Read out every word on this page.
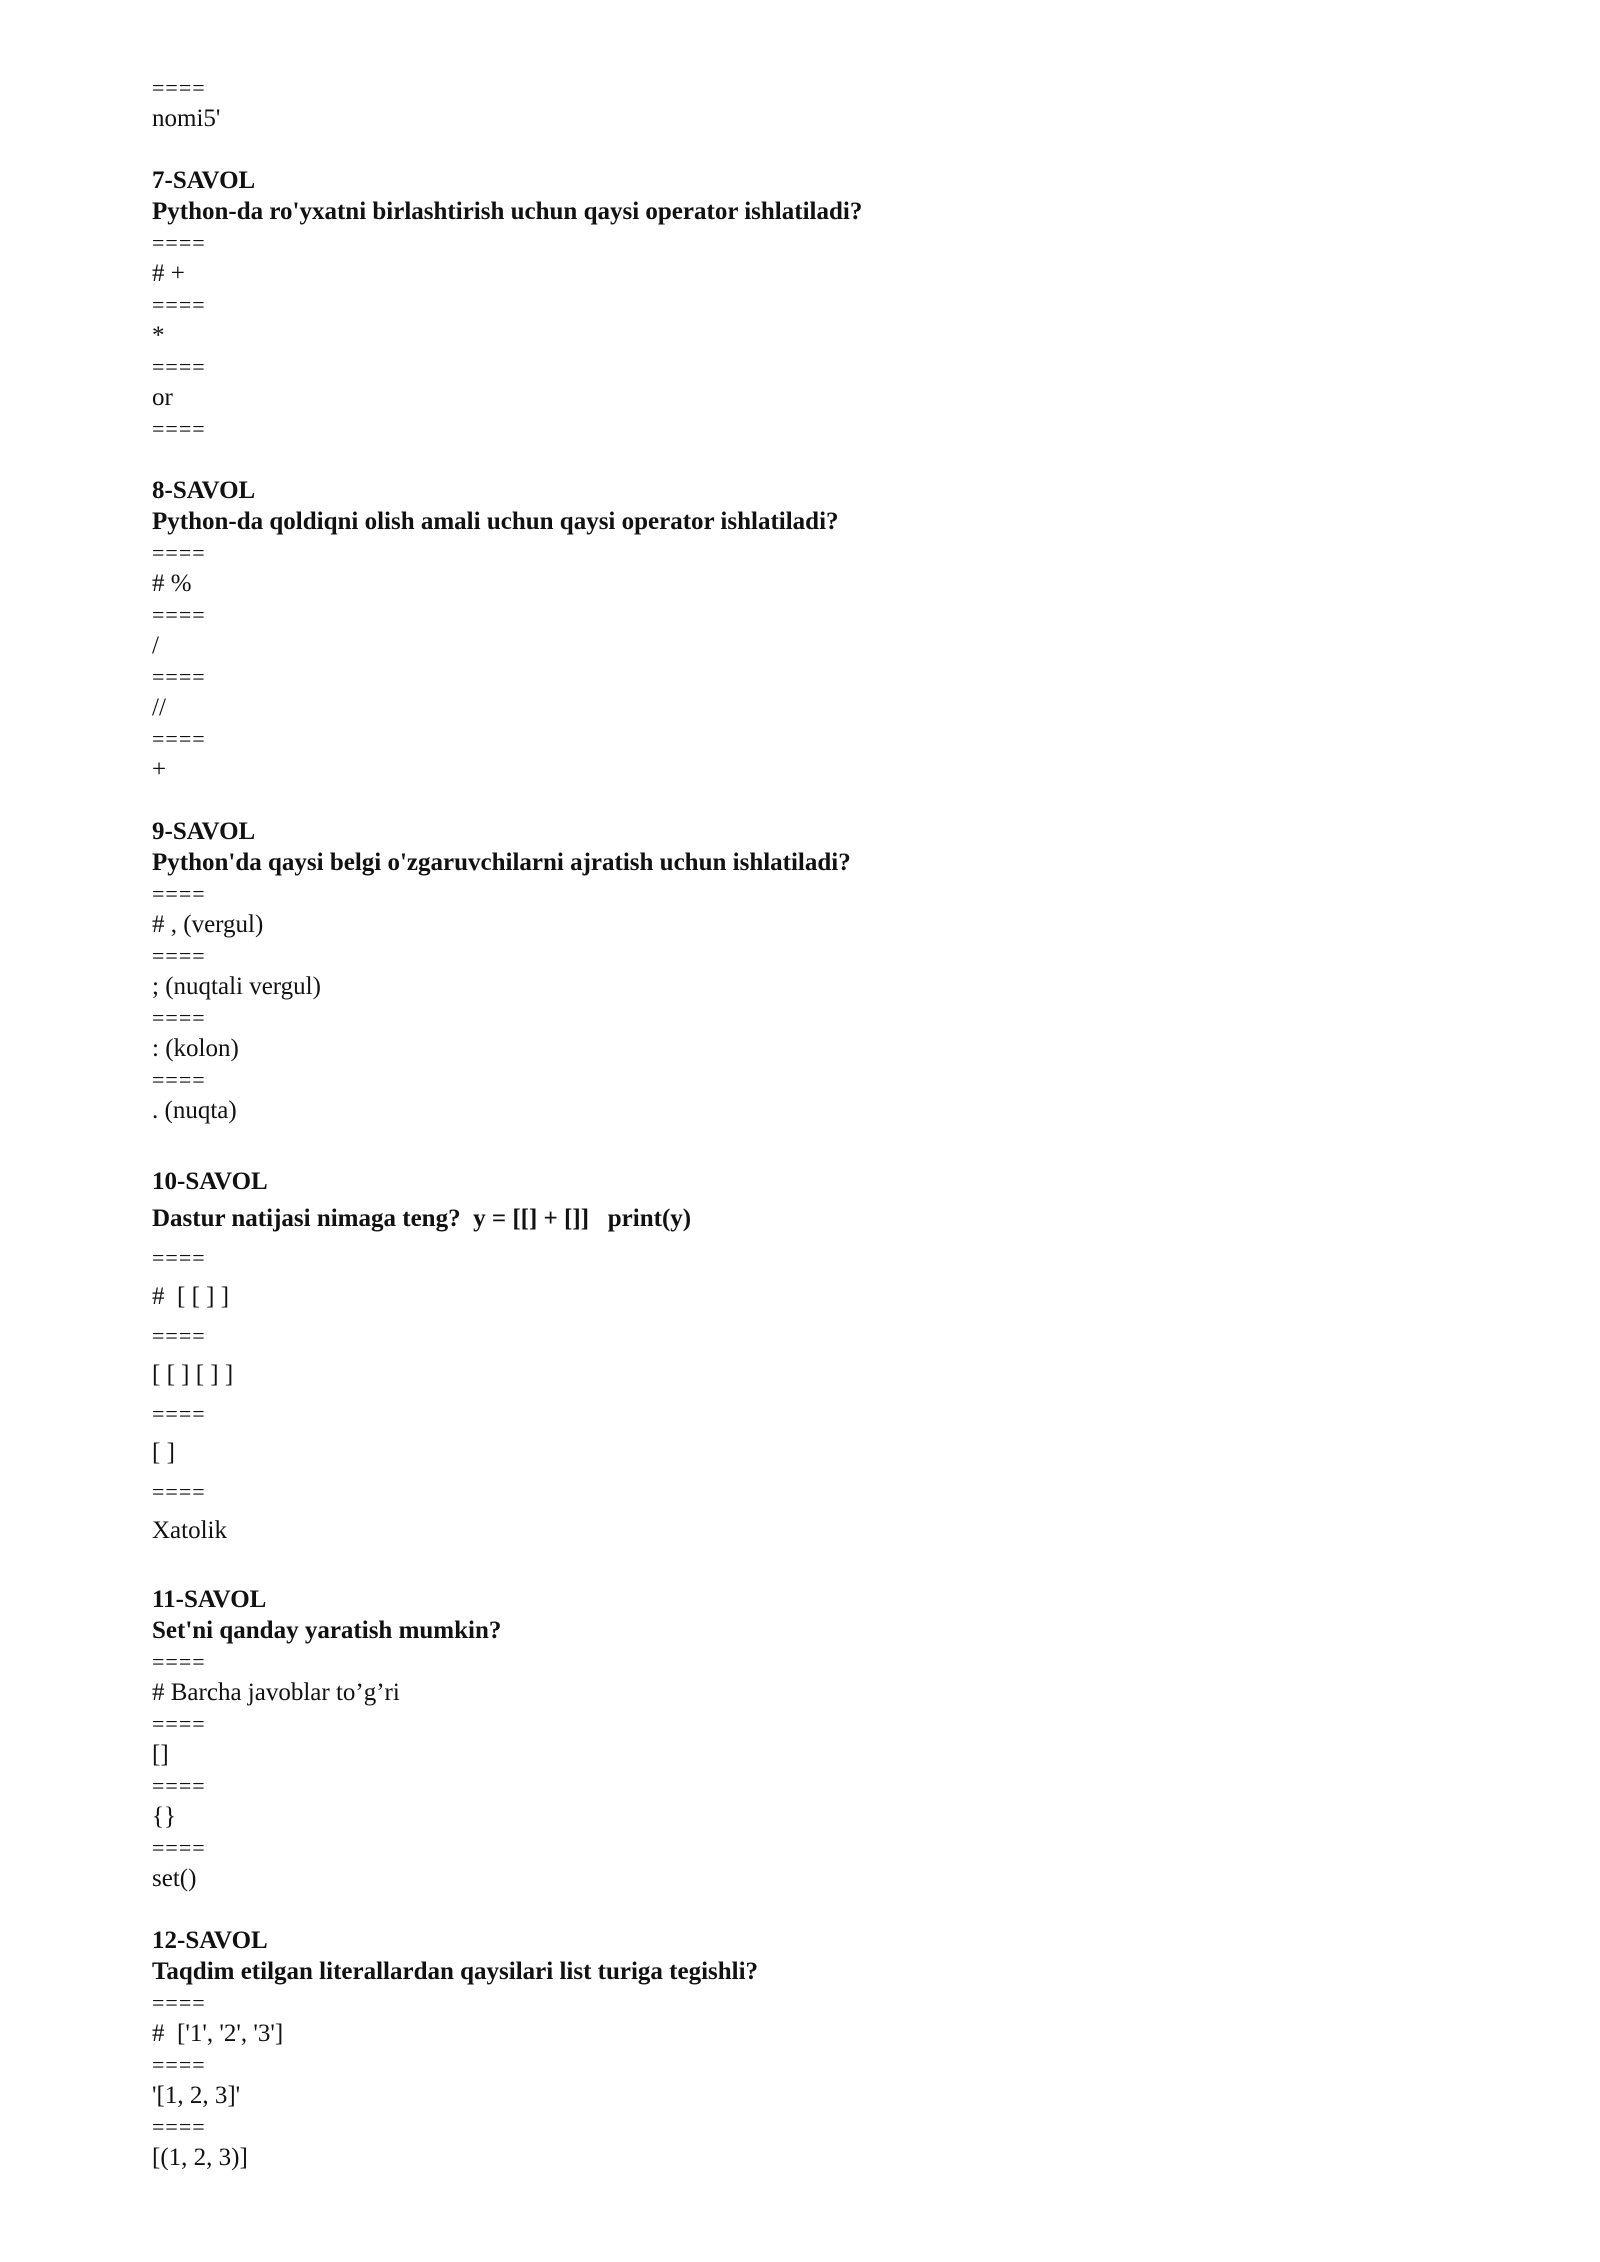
====
nomi5'
7-SAVOL
Python-da ro'yxatni birlashtirish uchun qaysi operator ishlatiladi?
====
# +
====
*
====
or
====
8-SAVOL
Python-da qoldiqni olish amali uchun qaysi operator ishlatiladi?
====
# %
====
/
====
//
====
+
9-SAVOL
Python'da qaysi belgi o'zgaruvchilarni ajratish uchun ishlatiladi?
====
# , (vergul)
====
; (nuqtali vergul)
====
: (kolon)
====
. (nuqta)
10-SAVOL
Dastur natijasi nimaga teng?  y = [[] + []]   print(y)
====
#  [ [ ] ]
====
[ [ ] [ ] ]
====
[ ]
====
Xatolik
11-SAVOL
Set'ni qanday yaratish mumkin?
====
# Barcha javoblar to’g’ri
====
[]
====
{}
====
set()
12-SAVOL
Taqdim etilgan literallardan qaysilari list turiga tegishli?
====
#  ['1', '2', '3']
====
'[1, 2, 3]'
====
[(1, 2, 3)]
